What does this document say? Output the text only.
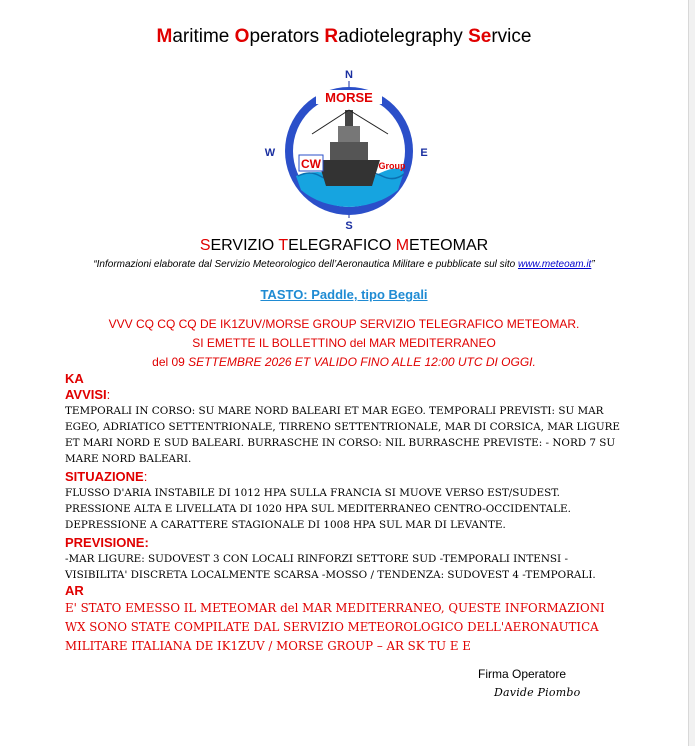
Maritime Operators Radiotelegraphy Service
N
S
W	E
MORSE
CW	Group
SERVIZIO TELEGRAFICO METEOMAR
“Informazioni elaborate dal Servizio Meteorologico dell’Aeronautica Militare e pubblicate sul sito www.meteoam.it”
TASTO: Paddle, tipo Begali
VVV CQ CQ CQ DE IK1ZUV/MORSE GROUP SERVIZIO TELEGRAFICO METEOMAR.
SI EMETTE IL BOLLETTINO del MAR MEDITERRANEO
del 09 SETTEMBRE 2026 ET VALIDO FINO ALLE 12:00 UTC DI OGGI.
KA
AVVISI:
TEMPORALI IN CORSO: SU MARE NORD BALEARI ET MAR EGEO. TEMPORALI PREVISTI: SU MAR EGEO, ADRIATICO SETTENTRIONALE, TIRRENO SETTENTRIONALE, MAR DI CORSICA, MAR LIGURE ET MARI NORD E SUD BALEARI. BURRASCHE IN CORSO: NIL BURRASCHE PREVISTE: - NORD 7 SU MARE NORD BALEARI.
SITUAZIONE:
FLUSSO D'ARIA INSTABILE DI 1012 HPA SULLA FRANCIA SI MUOVE VERSO EST/SUDEST. PRESSIONE ALTA E LIVELLATA DI 1020 HPA SUL MEDITERRANEO CENTRO-OCCIDENTALE. DEPRESSIONE A CARATTERE STAGIONALE DI 1008 HPA SUL MAR DI LEVANTE.
PREVISIONE:
-MAR LIGURE: SUDOVEST 3 CON LOCALI RINFORZI SETTORE SUD -TEMPORALI INTENSI -VISIBILITA' DISCRETA LOCALMENTE SCARSA -MOSSO / TENDENZA: SUDOVEST 4 -TEMPORALI.
AR
E' STATO EMESSO IL METEOMAR del MAR MEDITERRANEO, QUESTE INFORMAZIONI WX SONO STATE COMPILATE DAL SERVIZIO METEOROLOGICO DELL'AERONAUTICA MILITARE ITALIANA DE IK1ZUV / MORSE GROUP – AR SK TU E E
Firma Operatore
Davide Piombo
